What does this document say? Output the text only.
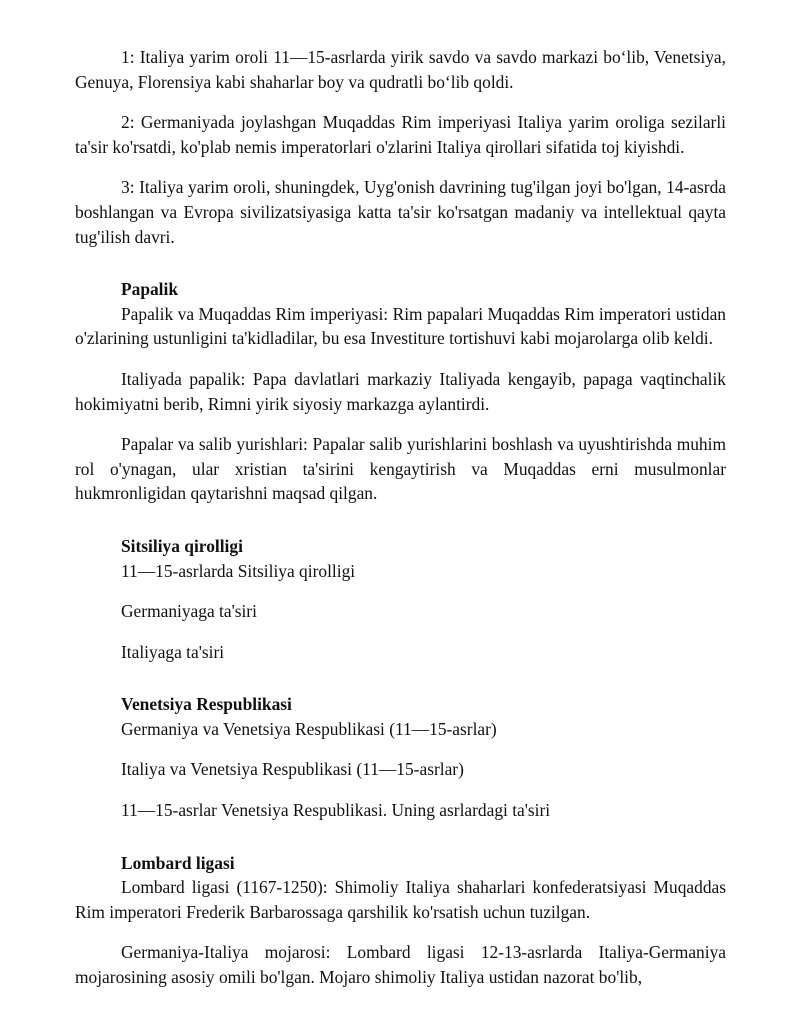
1: Italiya yarim oroli 11—15-asrlarda yirik savdo va savdo markazi bo‘lib, Venetsiya, Genuya, Florensiya kabi shaharlar boy va qudratli bo‘lib qoldi.

2: Germaniyada joylashgan Muqaddas Rim imperiyasi Italiya yarim oroliga sezilarli ta'sir ko'rsatdi, ko'plab nemis imperatorlari o'zlarini Italiya qirollari sifatida toj kiyishdi.

3: Italiya yarim oroli, shuningdek, Uyg'onish davrining tug'ilgan joyi bo'lgan, 14-asrda boshlangan va Evropa sivilizatsiyasiga katta ta'sir ko'rsatgan madaniy va intellektual qayta tug'ilish davri.

Papalik

Papalik va Muqaddas Rim imperiyasi: Rim papalari Muqaddas Rim imperatori ustidan o'zlarining ustunligini ta'kidladilar, bu esa Investiture tortishuvi kabi mojarolarga olib keldi.

Italiyada papalik: Papa davlatlari markaziy Italiyada kengayib, papaga vaqtinchalik hokimiyatni berib, Rimni yirik siyosiy markazga aylantirdi.

Papalar va salib yurishlari: Papalar salib yurishlarini boshlash va uyushtirishda muhim rol o'ynagan, ular xristian ta'sirini kengaytirish va Muqaddas erni musulmonlar hukmronligidan qaytarishni maqsad qilgan.

Sitsiliya qirolligi
11—15-asrlarda Sitsiliya qirolligi
Germaniyaga ta'siri
Italiyaga ta'siri
Venetsiya Respublikasi
Germaniya va Venetsiya Respublikasi (11—15-asrlar)
Italiya va Venetsiya Respublikasi (11—15-asrlar)
11—15-asrlar Venetsiya Respublikasi. Uning asrlardagi ta'siri
Lombard ligasi

Lombard ligasi (1167-1250): Shimoliy Italiya shaharlari konfederatsiyasi Muqaddas Rim imperatori Frederik Barbarossaga qarshilik ko'rsatish uchun tuzilgan.

Germaniya-Italiya mojarosi: Lombard ligasi 12-13-asrlarda Italiya-Germaniya mojarosining asosiy omili bo'lgan. Mojaro shimoliy Italiya ustidan nazorat bo'lib,
